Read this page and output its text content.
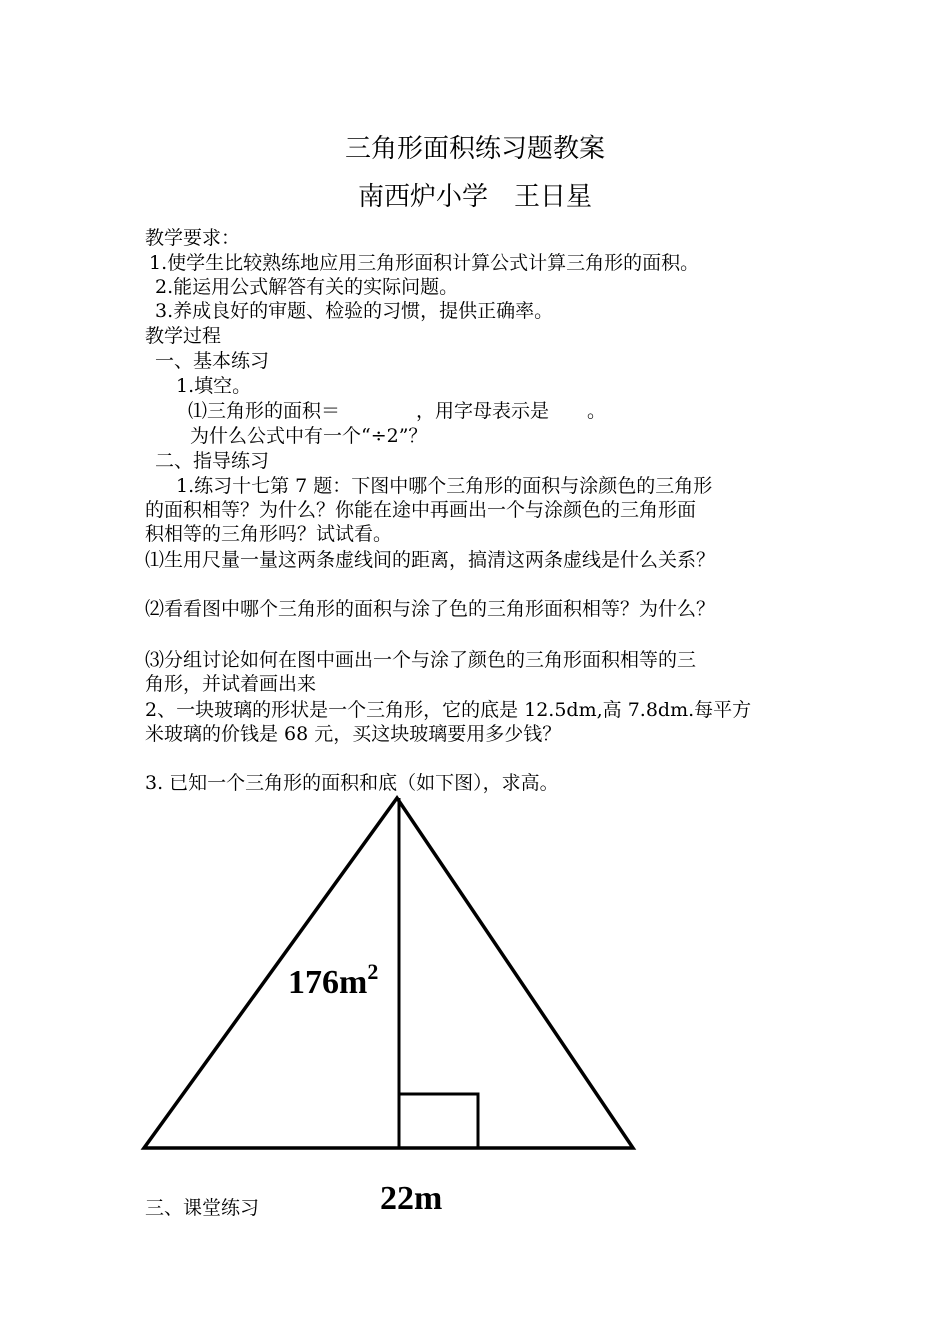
三角形面积练习题教案
南西炉小学　王日星
教学要求：
1.使学生比较熟练地应用三角形面积计算公式计算三角形的面积。
2.能运用公式解答有关的实际问题。
3.养成良好的审题、检验的习惯，提供正确率。
教学过程
一、基本练习
1.填空。
⑴三角形的面积＝　　　　，用字母表示是　　。
为什么公式中有一个“÷2”？
二、指导练习
1.练习十七第 7 题：下图中哪个三角形的面积与涂颜色的三角形
的面积相等？为什么？你能在途中再画出一个与涂颜色的三角形面
积相等的三角形吗？试试看。
⑴生用尺量一量这两条虚线间的距离，搞清这两条虚线是什么关系？
⑵看看图中哪个三角形的面积与涂了色的三角形面积相等？为什么？
⑶分组讨论如何在图中画出一个与涂了颜色的三角形面积相等的三
角形，并试着画出来
2、一块玻璃的形状是一个三角形，它的底是 12.5dm,高 7.8dm.每平方
米玻璃的价钱是 68 元，买这块玻璃要用多少钱？
3. 已知一个三角形的面积和底（如下图），求高。
$176m^2$
22m
三、课堂练习
